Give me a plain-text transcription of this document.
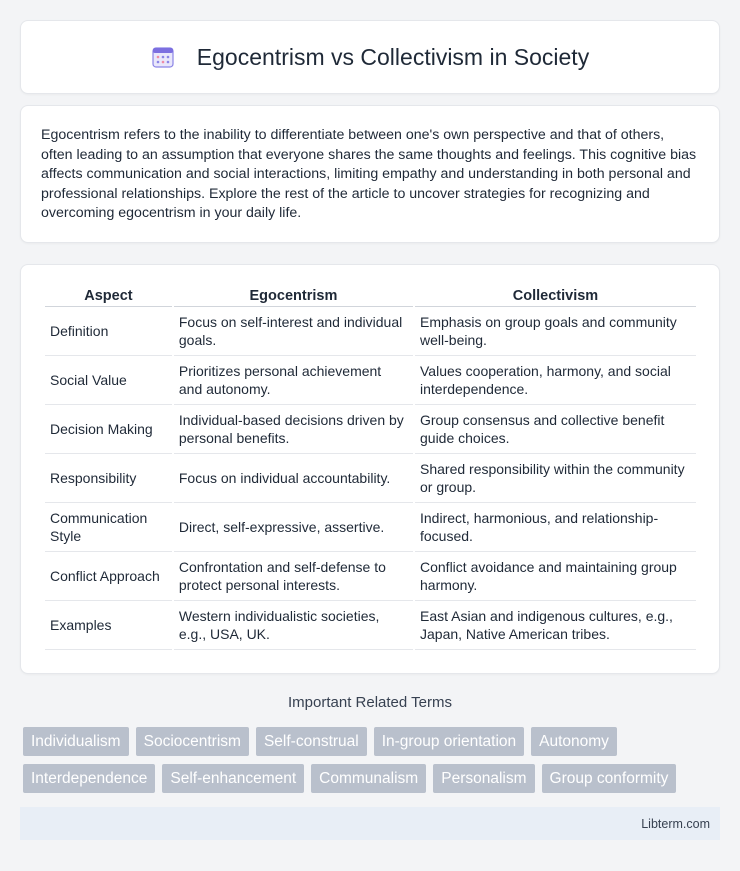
Egocentrism vs Collectivism in Society

Egocentrism refers to the inability to differentiate between one's own perspective and that of others, often leading to an assumption that everyone shares the same thoughts and feelings. This cognitive bias affects communication and social interactions, limiting empathy and understanding in both personal and professional relationships. Explore the rest of the article to uncover strategies for recognizing and overcoming egocentrism in your daily life.

Aspect	Egocentrism	Collectivism
Definition	Focus on self-interest and individual goals.	Emphasis on group goals and community well-being.
Social Value	Prioritizes personal achievement and autonomy.	Values cooperation, harmony, and social interdependence.
Decision Making	Individual-based decisions driven by personal benefits.	Group consensus and collective benefit guide choices.
Responsibility	Focus on individual accountability.	Shared responsibility within the community or group.
Communication Style	Direct, self-expressive, assertive.	Indirect, harmonious, and relationship-focused.
Conflict Approach	Confrontation and self-defense to protect personal interests.	Conflict avoidance and maintaining group harmony.
Examples	Western individualistic societies, e.g., USA, UK.	East Asian and indigenous cultures, e.g., Japan, Native American tribes.
Important Related Terms
Individualism	Sociocentrism	Self-construal	In-group orientation	Autonomy
Interdependence	Self-enhancement	Communalism	Personalism	Group conformity
Libterm.com
